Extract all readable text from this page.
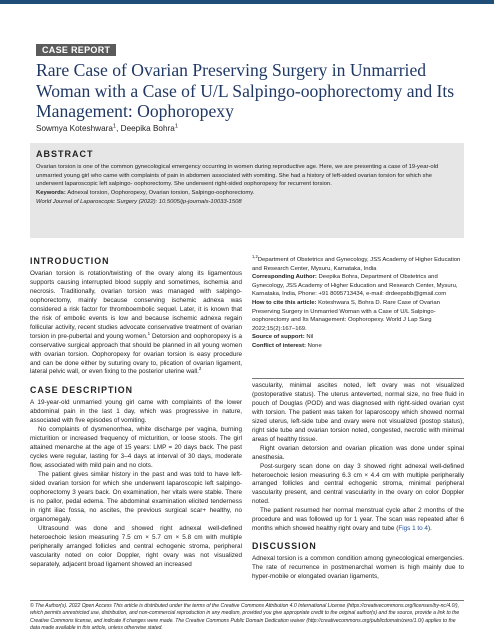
CASE REPORT
Rare Case of Ovarian Preserving Surgery in Unmarried Woman with a Case of U/L Salpingo-oophorectomy and Its Management: Oophoropexy
Sowmya Koteshwara$^1$, Deepika Bohra$^1$
ABSTRACT

Ovarian torsion is one of the common gynecological emergency occurring in women during reproductive age. Here, we are presenting a case of 19-year-old unmarried young girl who came with complaints of pain in abdomen associated with vomiting. She had a history of left-sided ovarian torsion for which she underwent laparoscopic left salpingo- oophorectomy. She underwent right-sided oophoropexy for recurrent torsion.

Keywords: Adnexal torsion, Oophoropexy, Ovarian torsion, Salpingo-oophorectomy.

World Journal of Laparoscopic Surgery (2022): 10.5005/jp-journals-10033-1508

INTRODUCTION

Ovarian torsion is rotation/twisting of the ovary along its ligamentous supports causing interrupted blood supply and sometimes, ischemia and necrosis. Traditionally, ovarian torsion was managed with salpingo-oophorectomy, mainly because conserving ischemic adnexa was considered a risk factor for thromboembolic sequel. Later, it is known that the risk of embolic events is low and because ischemic adnexa regain follicular activity, recent studies advocate conservative treatment of ovarian torsion in pre-pubertal and young women.$^1$ Detorsion and oophoropexy is a conservative surgical approach that should be planned in all young women with ovarian torsion. Oophoropexy for ovarian torsion is easy procedure and can be done either by suturing ovary to, plication of ovarian ligament, lateral pelvic wall, or even fixing to the posterior uterine wall.$^2$

CASE DESCRIPTION

A 19-year-old unmarried young girl came with complaints of the lower abdominal pain in the last 1 day, which was progressive in nature, associated with five episodes of vomiting.

No complaints of dysmenorrhea, white discharge per vagina, burning micturition or increased frequency of micturition, or loose stools. The girl attained menarche at the age of 15 years: LMP = 20 days back. The past cycles were regular, lasting for 3–4 days at interval of 30 days, moderate flow, associated with mild pain and no clots.

The patient gives similar history in the past and was told to have left-sided ovarian torsion for which she underwent laparoscopic left salpingo-oophorectomy 3 years back. On examination, her vitals were stable. There is no pallor, pedal edema. The abdominal examination elicited tenderness in right iliac fossa, no ascites, the previous surgical scar+ healthy, no organomegaly.

Ultrasound was done and showed right adnexal well-defined heteroechoic lesion measuring 7.5 cm × 5.7 cm × 5.8 cm with multiple peripherally arranged follicles and central echogenic stroma, peripheral vascularity noted on color Doppler, right ovary was not visualized separately, adjacent broad ligament showed an increased

$^{1,2}$Department of Obstetrics and Gynecology, JSS Academy of Higher Education and Research Center, Mysuru, Karnataka, India

Corresponding Author: Deepika Bohra, Department of Obstetrics and Gynecology, JSS Academy of Higher Education and Research Center, Mysuru, Karnataka, India, Phone: +91 8095713434, e-mail: drdeepsbb@gmail.com

How to cite this article: Koteshwara S, Bohra D. Rare Case of Ovarian Preserving Surgery in Unmarried Woman with a Case of U/L Salpingo-oophorectomy and Its Management: Oophoropexy. World J Lap Surg 2022;15(2):167–169.

Source of support: Nil

Conflict of interest: None

vascularity, minimal ascites noted, left ovary was not visualized (postoperative status). The uterus anteverted, normal size, no free fluid in pouch of Douglas (POD) and was diagnosed with right-sided ovarian cyst with torsion. The patient was taken for laparoscopy which showed normal sized uterus, left-side tube and ovary were not visualized (postop status), right side tube and ovarian torsion noted, congested, necrotic with minimal areas of healthy tissue.

Right ovarian detorsion and ovarian plication was done under spinal anesthesia.

Post-surgery scan done on day 3 showed right adnexal well-defined heteroechoic lesion measuring 6.3 cm × 4.4 cm with multiple peripherally arranged follicles and central echogenic stroma, minimal peripheral vascularity present, and central vascularity in the ovary on color Doppler noted.

The patient resumed her normal menstrual cycle after 2 months of the procedure and was followed up for 1 year. The scan was repeated after 6 months which showed healthy right ovary and tube (Figs 1 to 4).

DISCUSSION

Adnexal torsion is a common condition among gynecological emergencies. The rate of recurrence in postmenarchal women is high mainly due to hyper-mobile or elongated ovarian ligaments,

© The Author(s). 2022 Open Access This article is distributed under the terms of the Creative Commons Attribution 4.0 International License (https://creativecommons.org/licenses/by-nc/4.0/), which permits unrestricted use, distribution, and non-commercial reproduction in any medium, provided you give appropriate credit to the original author(s) and the source, provide a link to the Creative Commons license, and indicate if changes were made. The Creative Commons Public Domain Dedication waiver (http://creativecommons.org/publicdomain/zero/1.0/) applies to the data made available in this article, unless otherwise stated.
